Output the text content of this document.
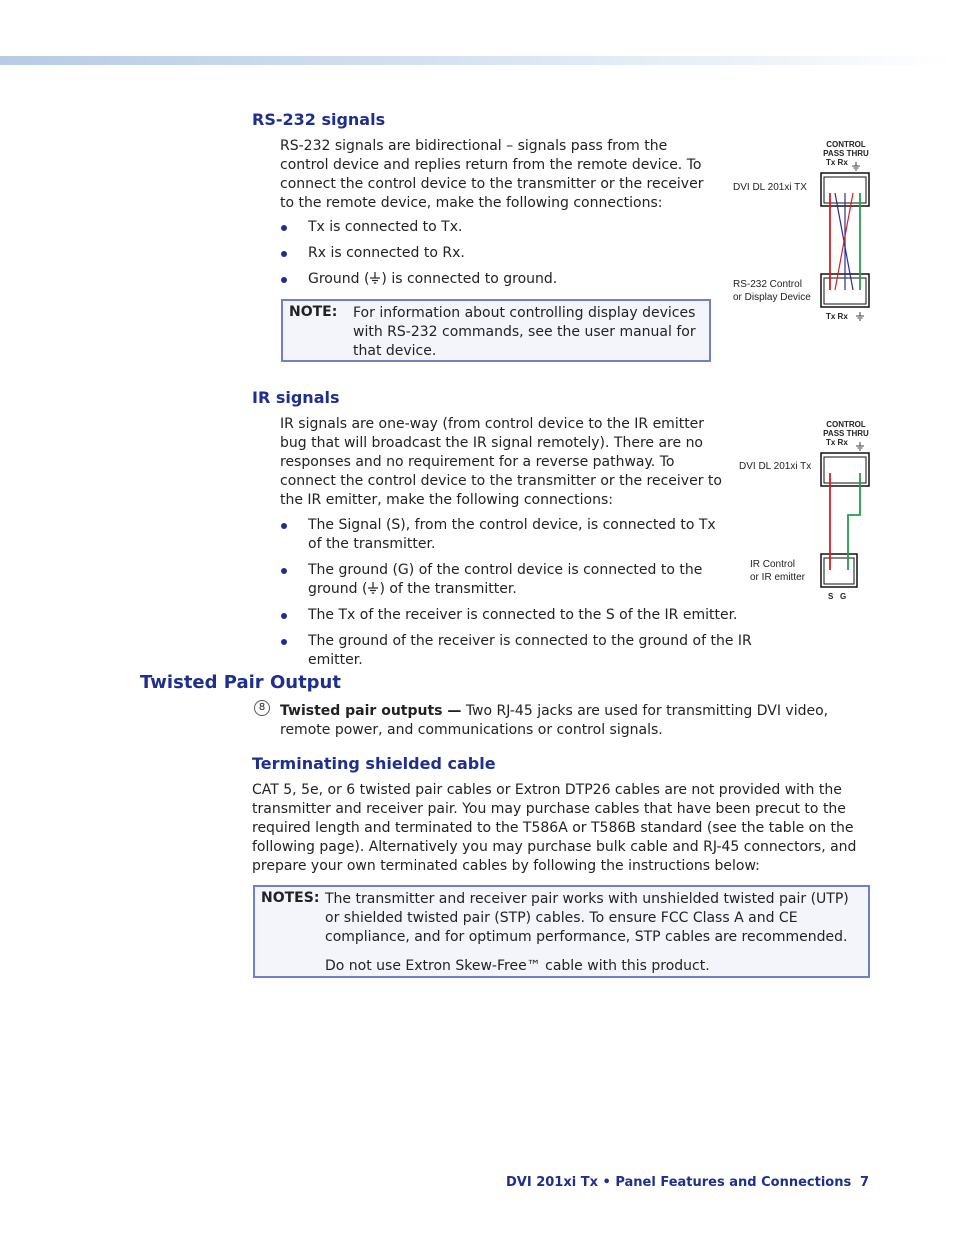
RS-232 signals

RS-232 signals are bidirectional – signals pass from the control device and replies return from the remote device. To connect the control device to the transmitter or the receiver to the remote device, make the following connections:

Tx is connected to Tx.
Rx is connected to Rx.
Ground ( ) is connected to ground.
NOTE: For information about controlling display devices with RS-232 commands, see the user manual for that device.
CONTROL
PASS THRU
Tx Rx
DVI DL 201xi TX
RS-232 Control
or Display Device
Tx Rx
IR signals

IR signals are one-way (from control device to the IR emitter bug that will broadcast the IR signal remotely). There are no responses and no requirement for a reverse pathway. To connect the control device to the transmitter or the receiver to the IR emitter, make the following connections:

The Signal (S), from the control device, is connected to Tx of the transmitter.
The ground (G) of the control device is connected to the ground ( ) of the transmitter.
The Tx of the receiver is connected to the S of the IR emitter.
The ground of the receiver is connected to the ground of the IR emitter.
CONTROL
PASS THRU
Tx Rx
DVI DL 201xi Tx
IR Control
or IR emitter
S   G
Twisted Pair Output
8	Twisted pair outputs — Two RJ-45 jacks are used for transmitting DVI video, remote power, and communications or control signals.

Terminating shielded cable

CAT 5, 5e, or 6 twisted pair cables or Extron DTP26 cables are not provided with the transmitter and receiver pair. You may purchase cables that have been precut to the required length and terminated to the T586A or T586B standard (see the table on the following page). Alternatively you may purchase bulk cable and RJ-45 connectors, and prepare your own terminated cables by following the instructions below:

NOTES: The transmitter and receiver pair works with unshielded twisted pair (UTP) or shielded twisted pair (STP) cables. To ensure FCC Class A and CE compliance, and for optimum performance, STP cables are recommended.
Do not use Extron Skew-Free™ cable with this product.
DVI 201xi Tx • Panel Features and Connections 7
